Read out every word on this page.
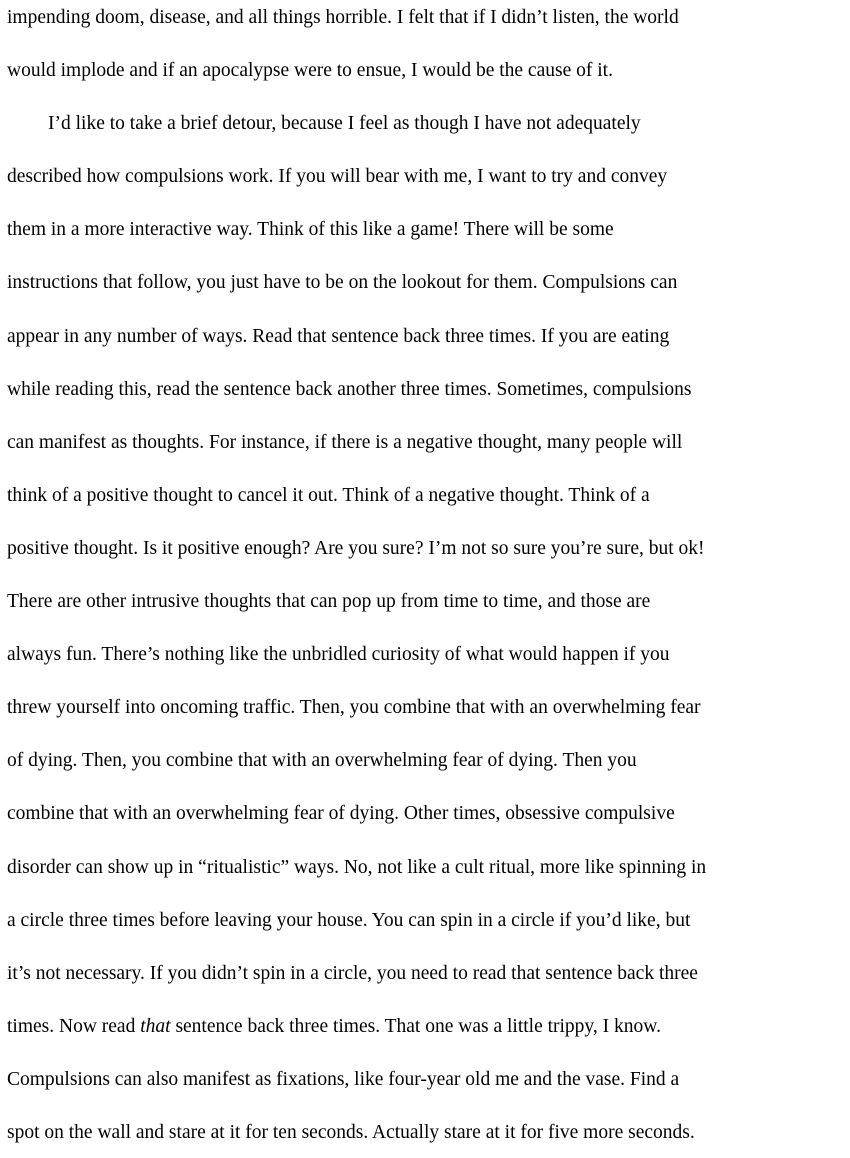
impending doom, disease, and all things horrible. I felt that if I didn’t listen, the world
would implode and if an apocalypse were to ensue, I would be the cause of it.
I’d like to take a brief detour, because I feel as though I have not adequately
described how compulsions work. If you will bear with me, I want to try and convey
them in a more interactive way. Think of this like a game! There will be some
instructions that follow, you just have to be on the lookout for them. Compulsions can
appear in any number of ways. Read that sentence back three times. If you are eating
while reading this, read the sentence back another three times. Sometimes, compulsions
can manifest as thoughts. For instance, if there is a negative thought, many people will
think of a positive thought to cancel it out. Think of a negative thought. Think of a
positive thought. Is it positive enough? Are you sure? I’m not so sure you’re sure, but ok!
There are other intrusive thoughts that can pop up from time to time, and those are
always fun. There’s nothing like the unbridled curiosity of what would happen if you
threw yourself into oncoming traffic. Then, you combine that with an overwhelming fear
of dying. Then, you combine that with an overwhelming fear of dying. Then you
combine that with an overwhelming fear of dying. Other times, obsessive compulsive
disorder can show up in “ritualistic” ways. No, not like a cult ritual, more like spinning in
a circle three times before leaving your house. You can spin in a circle if you’d like, but
it’s not necessary. If you didn’t spin in a circle, you need to read that sentence back three
times. Now read that sentence back three times. That one was a little trippy, I know.
Compulsions can also manifest as fixations, like four-year old me and the vase. Find a
spot on the wall and stare at it for ten seconds. Actually stare at it for five more seconds.
